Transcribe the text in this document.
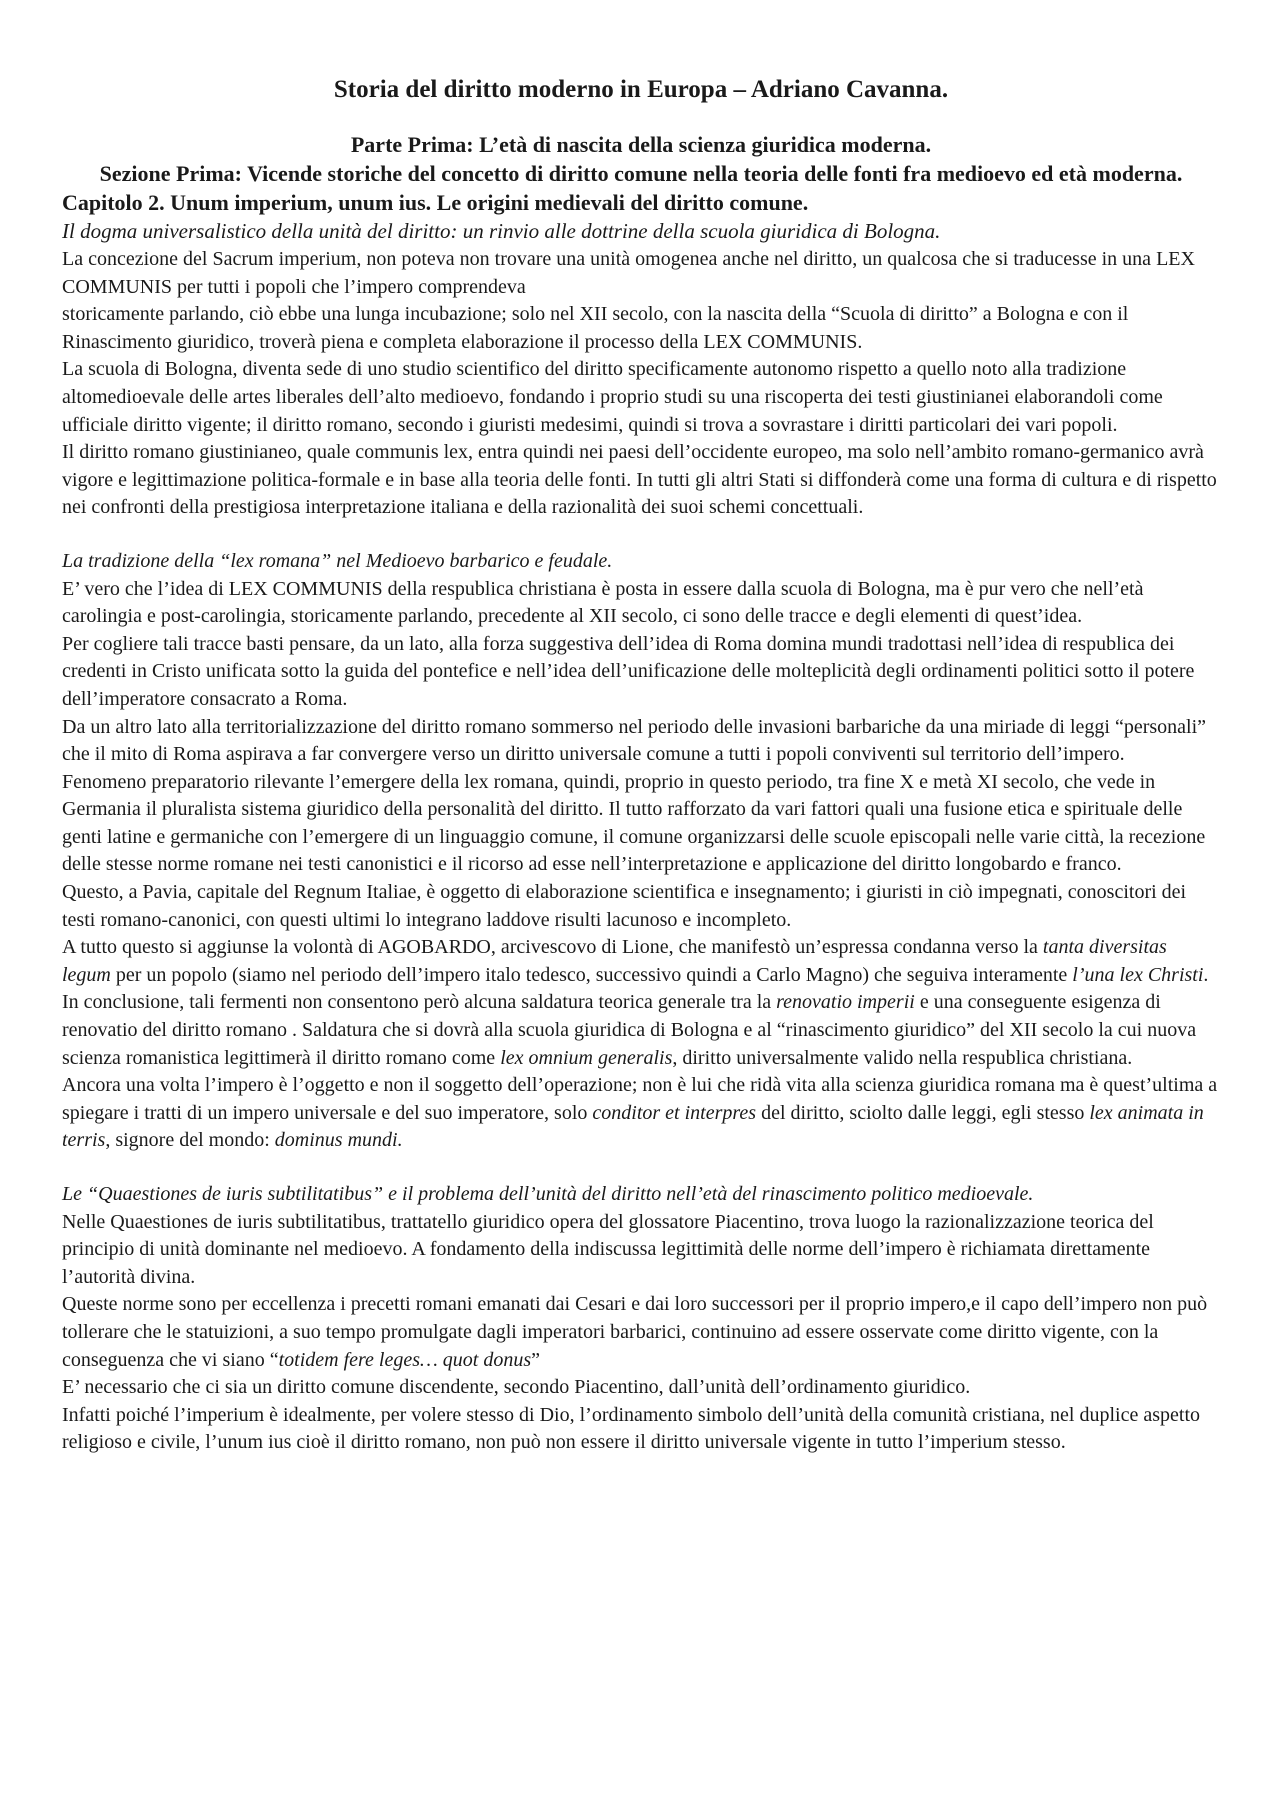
Storia del diritto moderno in Europa – Adriano Cavanna.
Parte Prima: L’età di nascita della scienza giuridica moderna.
Sezione Prima: Vicende storiche del concetto di diritto comune nella teoria delle fonti fra medioevo ed età moderna.
Capitolo 2. Unum imperium, unum ius. Le origini medievali del diritto comune.

Il dogma universalistico della unità del diritto: un rinvio alle dottrine della scuola giuridica di Bologna.

La concezione del Sacrum imperium, non poteva non trovare una unità omogenea anche nel diritto, un qualcosa che si traducesse in una LEX COMMUNIS per tutti i popoli che l’impero comprendeva

storicamente parlando, ciò ebbe una lunga incubazione; solo nel XII secolo, con la nascita della “Scuola di diritto” a Bologna e con il Rinascimento giuridico, troverà piena e completa elaborazione il processo della LEX COMMUNIS.

La scuola di Bologna, diventa sede di uno studio scientifico del diritto specificamente autonomo rispetto a quello noto alla tradizione altomedioevale delle artes liberales dell’alto medioevo, fondando i proprio studi su una riscoperta dei testi giustinianei elaborandoli come ufficiale diritto vigente; il diritto romano, secondo i giuristi medesimi, quindi si trova a sovrastare i diritti particolari dei vari popoli.

Il diritto romano giustinianeo, quale communis lex, entra quindi nei paesi dell’occidente europeo, ma solo nell’ambito romano-germanico avrà vigore e legittimazione politica-formale e in base alla teoria delle fonti. In tutti gli altri Stati si diffonderà come una forma di cultura e di rispetto nei confronti della prestigiosa interpretazione italiana e della razionalità dei suoi schemi concettuali.

La tradizione della “lex romana” nel Medioevo barbarico e feudale.

E’ vero che l’idea di LEX COMMUNIS della respublica christiana è posta in essere dalla scuola di Bologna, ma è pur vero che nell’età carolingia e post-carolingia, storicamente parlando, precedente al XII secolo, ci sono delle tracce e degli elementi di quest’idea.

Per cogliere tali tracce basti pensare, da un lato, alla forza suggestiva dell’idea di Roma domina mundi tradottasi nell’idea di respublica dei credenti in Cristo unificata sotto la guida del pontefice e nell’idea dell’unificazione delle molteplicità degli ordinamenti politici sotto il potere dell’imperatore consacrato a Roma.

Da un altro lato alla territorializzazione del diritto romano sommerso nel periodo delle invasioni barbariche da una miriade di leggi “personali” che il mito di Roma aspirava a far convergere verso un diritto universale comune a tutti i popoli conviventi sul territorio dell’impero.

Fenomeno preparatorio rilevante l’emergere della lex romana, quindi, proprio in questo periodo, tra fine X e metà XI secolo, che vede in Germania il pluralista sistema giuridico della personalità del diritto. Il tutto rafforzato da vari fattori quali una fusione etica e spirituale delle genti latine e germaniche con l’emergere di un linguaggio comune, il comune organizzarsi delle scuole episcopali nelle varie città, la recezione delle stesse norme romane nei testi canonistici e il ricorso ad esse nell’interpretazione e applicazione del diritto longobardo e franco.

Questo, a Pavia, capitale del Regnum Italiae, è oggetto di elaborazione scientifica e insegnamento; i giuristi in ciò impegnati, conoscitori dei testi romano-canonici, con questi ultimi lo integrano laddove risulti lacunoso e incompleto.

A tutto questo si aggiunse la volontà di AGOBARDO, arcivescovo di Lione, che manifestò un’espressa condanna verso la tanta diversitas legum per un popolo (siamo nel periodo dell’impero italo tedesco, successivo quindi a Carlo Magno) che seguiva interamente l’una lex Christi.

In conclusione, tali fermenti non consentono però alcuna saldatura teorica generale tra la renovatio imperii e una conseguente esigenza di renovatio del diritto romano . Saldatura che si dovrà alla scuola giuridica di Bologna e al “rinascimento giuridico” del XII secolo la cui nuova scienza romanistica legittimerà il diritto romano come lex omnium generalis, diritto universalmente valido nella respublica christiana.

Ancora una volta l’impero è l’oggetto e non il soggetto dell’operazione; non è lui che ridà vita alla scienza giuridica romana ma è quest’ultima a spiegare i tratti di un impero universale e del suo imperatore, solo conditor et interpres del diritto, sciolto dalle leggi, egli stesso lex animata in terris, signore del mondo: dominus mundi.

Le “Quaestiones de iuris subtilitatibus” e il problema dell’unità del diritto nell’età del rinascimento politico medioevale.

Nelle Quaestiones de iuris subtilitatibus, trattatello giuridico opera del glossatore Piacentino, trova luogo la razionalizzazione teorica del principio di unità dominante nel medioevo. A fondamento della indiscussa legittimità delle norme dell’impero è richiamata direttamente l’autorità divina.

Queste norme sono per eccellenza i precetti romani emanati dai Cesari e dai loro successori per il proprio impero,e il capo dell’impero non può tollerare che le statuizioni, a suo tempo promulgate dagli imperatori barbarici, continuino ad essere osservate come diritto vigente, con la conseguenza che vi siano “totidem fere leges… quot donus”

E’ necessario che ci sia un diritto comune discendente, secondo Piacentino, dall’unità dell’ordinamento giuridico.

Infatti poiché l’imperium è idealmente, per volere stesso di Dio, l’ordinamento simbolo dell’unità della comunità cristiana, nel duplice aspetto religioso e civile, l’unum ius cioè il diritto romano, non può non essere il diritto universale vigente in tutto l’imperium stesso.
